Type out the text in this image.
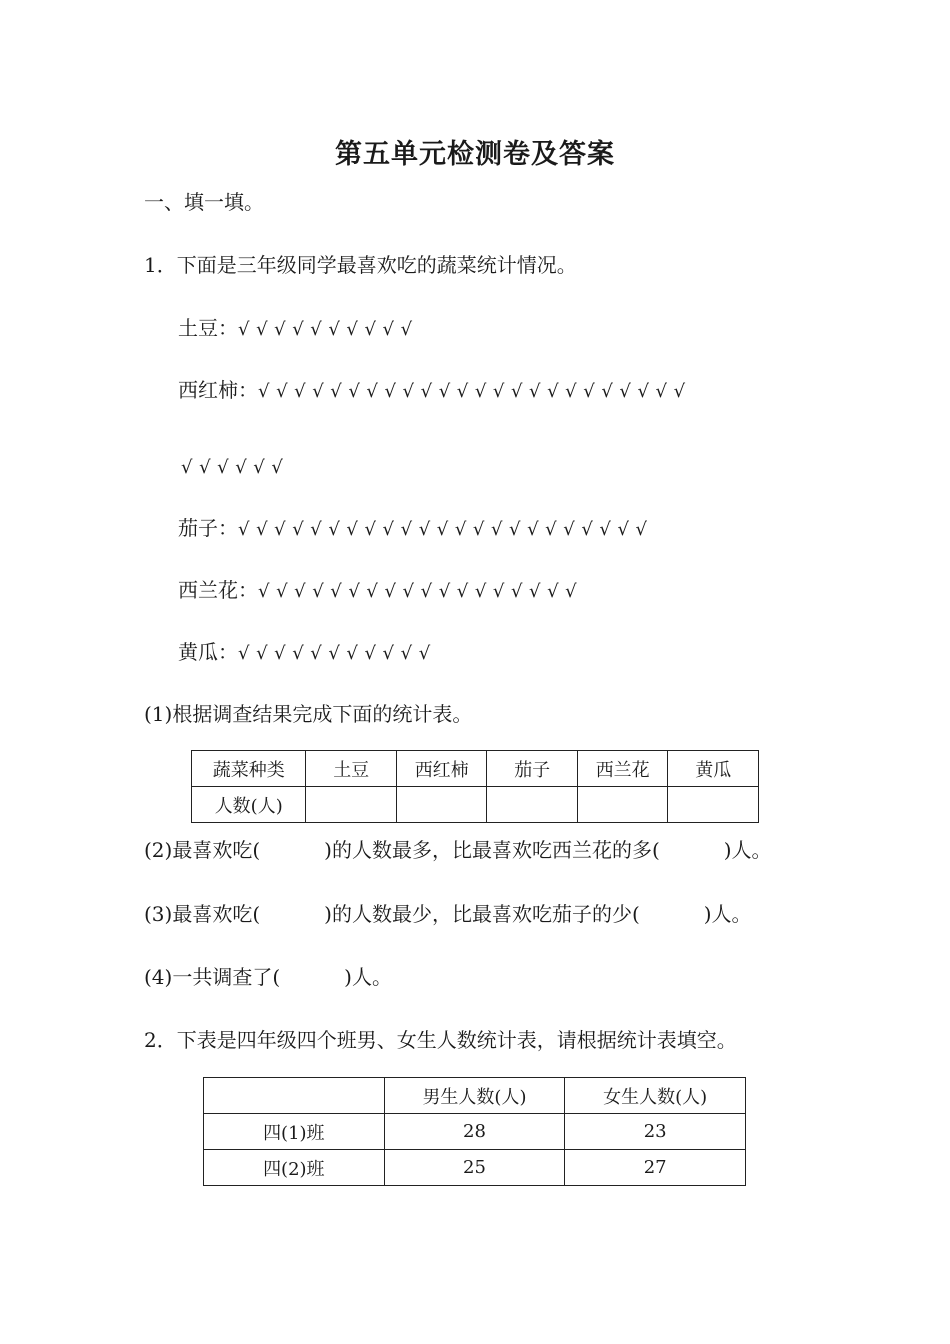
第五单元检测卷及答案
一、填一填。
1．下面是三年级同学最喜欢吃的蔬菜统计情况。
土豆：√√√√√√√√√√
西红柿：√√√√√√√√√√√√√√√√√√√√√√√√
√√√√√√
茄子：√√√√√√√√√√√√√√√√√√√√√√√
西兰花：√√√√√√√√√√√√√√√√√√
黄瓜：√√√√√√√√√√√
(1)根据调查结果完成下面的统计表。
蔬菜种类	土豆	西红柿	茄子	西兰花	黄瓜
人数(人)					
(2)最喜欢吃(	)的人数最多，比最喜欢吃西兰花的多(	)人。
(3)最喜欢吃(	)的人数最少，比最喜欢吃茄子的少(	)人。
(4)一共调查了(	)人。
2．下表是四年级四个班男、女生人数统计表，请根据统计表填空。
	男生人数(人)	女生人数(人)
四(1)班	28	23
四(2)班	25	27
